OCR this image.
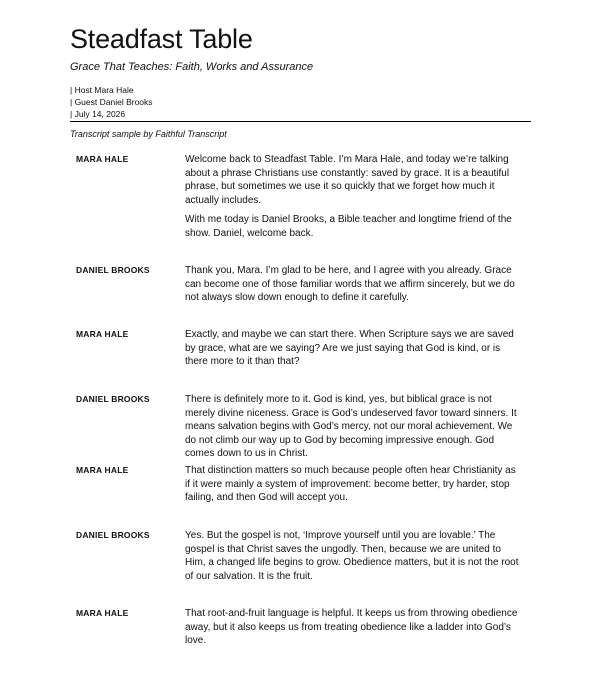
Steadfast Table
Grace That Teaches: Faith, Works and Assurance
| Host Mara Hale
| Guest Daniel Brooks
| July 14, 2026
Transcript sample by Faithful Transcript
MARA HALE	Welcome back to Steadfast Table. I’m Mara Hale, and today we’re talking about a phrase Christians use constantly: saved by grace. It is a beautiful phrase, but sometimes we use it so quickly that we forget how much it actually includes.

With me today is Daniel Brooks, a Bible teacher and longtime friend of the show. Daniel, welcome back.

DANIEL BROOKS	Thank you, Mara. I’m glad to be here, and I agree with you already. Grace can become one of those familiar words that we affirm sincerely, but we do not always slow down enough to define it carefully.

MARA HALE	Exactly, and maybe we can start there. When Scripture says we are saved by grace, what are we saying? Are we just saying that God is kind, or is there more to it than that?

DANIEL BROOKS	There is definitely more to it. God is kind, yes, but biblical grace is not merely divine niceness. Grace is God’s undeserved favor toward sinners. It means salvation begins with God’s mercy, not our moral achievement. We do not climb our way up to God by becoming impressive enough. God comes down to us in Christ.

MARA HALE	That distinction matters so much because people often hear Christianity as if it were mainly a system of improvement: become better, try harder, stop failing, and then God will accept you.

DANIEL BROOKS	Yes. But the gospel is not, ‘Improve yourself until you are lovable.’ The gospel is that Christ saves the ungodly. Then, because we are united to Him, a changed life begins to grow. Obedience matters, but it is not the root of our salvation. It is the fruit.

MARA HALE	That root-and-fruit language is helpful. It keeps us from throwing obedience away, but it also keeps us from treating obedience like a ladder into God’s love.
